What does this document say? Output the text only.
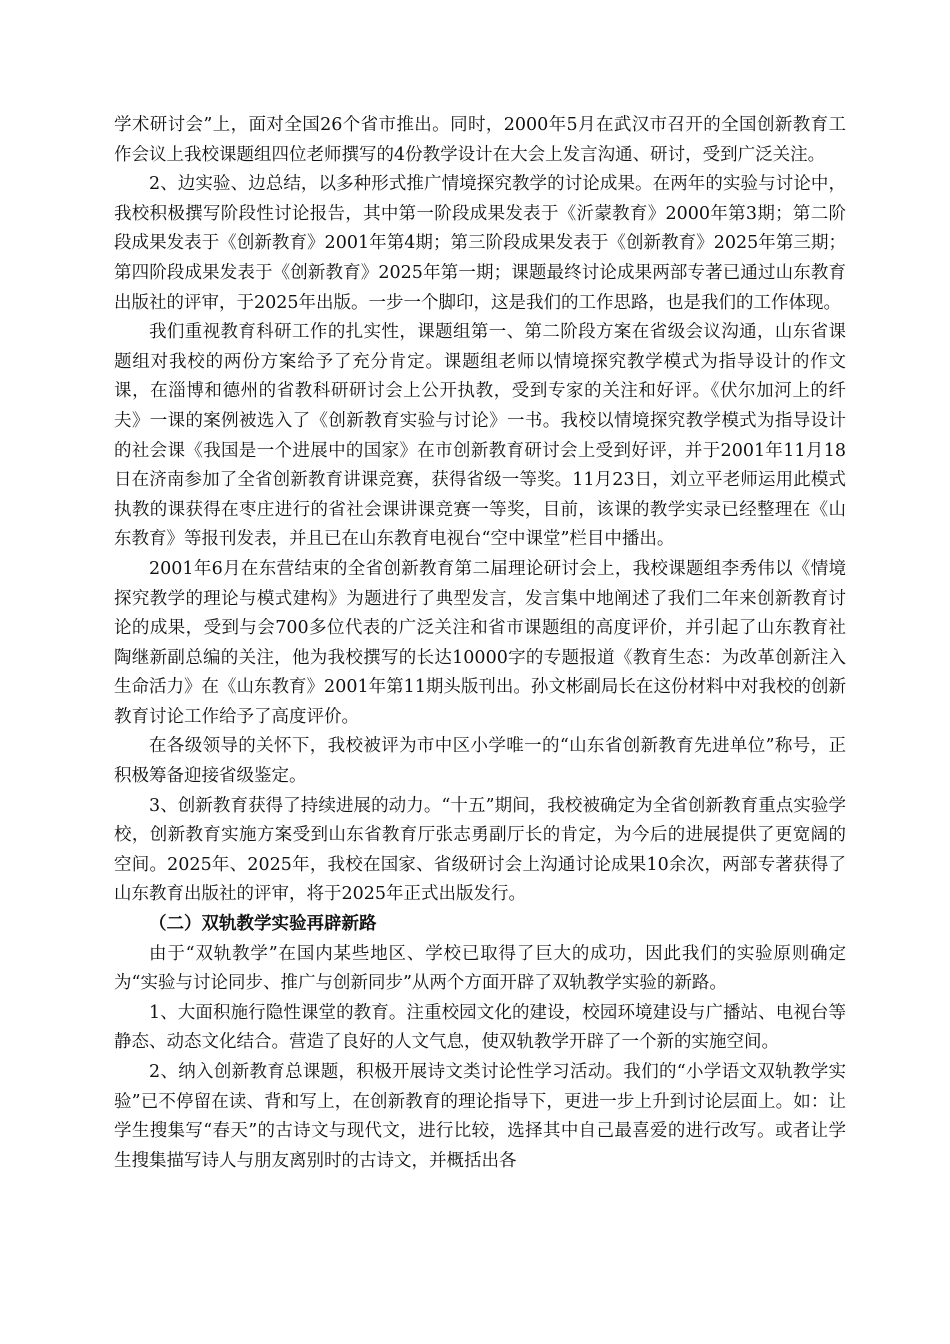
学术研讨会”上，面对全国26个省市推出。同时，2000年5月在武汉市召开的全国创新教育工作会议上我校课题组四位老师撰写的4份教学设计在大会上发言沟通、研讨，受到广泛关注。

2、边实验、边总结，以多种形式推广情境探究教学的讨论成果。在两年的实验与讨论中，我校积极撰写阶段性讨论报告，其中第一阶段成果发表于《沂蒙教育》2000年第3期；第二阶段成果发表于《创新教育》2001年第4期；第三阶段成果发表于《创新教育》2025年第三期；第四阶段成果发表于《创新教育》2025年第一期；课题最终讨论成果两部专著已通过山东教育出版社的评审，于2025年出版。一步一个脚印，这是我们的工作思路，也是我们的工作体现。

我们重视教育科研工作的扎实性，课题组第一、第二阶段方案在省级会议沟通，山东省课题组对我校的两份方案给予了充分肯定。课题组老师以情境探究教学模式为指导设计的作文课，在淄博和德州的省教科研研讨会上公开执教，受到专家的关注和好评。《伏尔加河上的纤夫》一课的案例被选入了《创新教育实验与讨论》一书。我校以情境探究教学模式为指导设计的社会课《我国是一个进展中的国家》在市创新教育研讨会上受到好评，并于2001年11月18日在济南参加了全省创新教育讲课竞赛，获得省级一等奖。11月23日，刘立平老师运用此模式执教的课获得在枣庄进行的省社会课讲课竞赛一等奖，目前，该课的教学实录已经整理在《山东教育》等报刊发表，并且已在山东教育电视台“空中课堂”栏目中播出。

2001年6月在东营结束的全省创新教育第二届理论研讨会上，我校课题组李秀伟以《情境探究教学的理论与模式建构》为题进行了典型发言，发言集中地阐述了我们二年来创新教育讨论的成果，受到与会700多位代表的广泛关注和省市课题组的高度评价，并引起了山东教育社陶继新副总编的关注，他为我校撰写的长达10000字的专题报道《教育生态：为改革创新注入生命活力》在《山东教育》2001年第11期头版刊出。孙文彬副局长在这份材料中对我校的创新教育讨论工作给予了高度评价。

在各级领导的关怀下，我校被评为市中区小学唯一的“山东省创新教育先进单位”称号，正积极筹备迎接省级鉴定。

3、创新教育获得了持续进展的动力。“十五”期间，我校被确定为全省创新教育重点实验学校，创新教育实施方案受到山东省教育厅张志勇副厅长的肯定，为今后的进展提供了更宽阔的空间。2025年、2025年，我校在国家、省级研讨会上沟通讨论成果10余次，两部专著获得了山东教育出版社的评审，将于2025年正式出版发行。

（二）双轨教学实验再辟新路

由于“双轨教学”在国内某些地区、学校已取得了巨大的成功，因此我们的实验原则确定为“实验与讨论同步、推广与创新同步”从两个方面开辟了双轨教学实验的新路。

1、大面积施行隐性课堂的教育。注重校园文化的建设，校园环境建设与广播站、电视台等静态、动态文化结合。营造了良好的人文气息，使双轨教学开辟了一个新的实施空间。

2、纳入创新教育总课题，积极开展诗文类讨论性学习活动。我们的“小学语文双轨教学实验”已不停留在读、背和写上，在创新教育的理论指导下，更进一步上升到讨论层面上。如：让学生搜集写“春天”的古诗文与现代文，进行比较，选择其中自己最喜爱的进行改写。或者让学生搜集描写诗人与朋友离别时的古诗文，并概括出各
